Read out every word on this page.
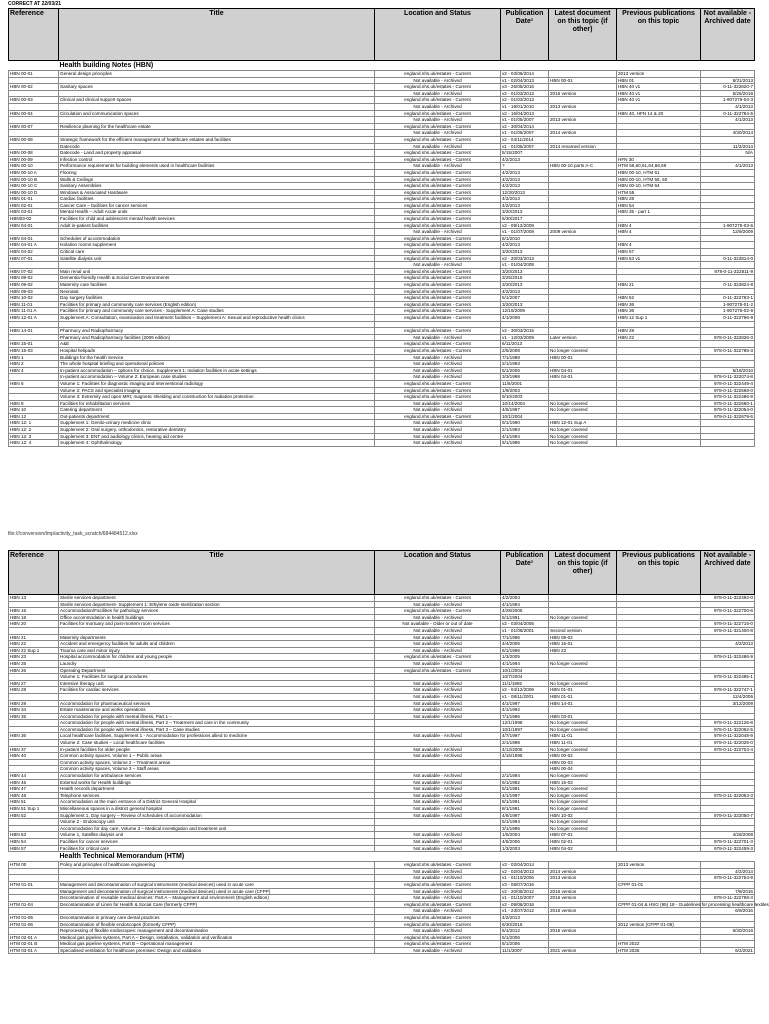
CORRECT AT 22/03/21
Reference	Title	Location and Status	Publication Date¹	Latest document on this topic (if other)	Previous publications on this topic	Not available - Archived date
	Health building Notes (HBN)					
HBN 00-01	General design principles	england.nhs.uk/estates - Current	v2 - 03/06/2014		2013 version	
		Not available - Archived	v1 - 02/04/2013	HBN 00-01	HBN 01	8/31/2013
HBN 00-02	Sanitary spaces	england.nhs.uk/estates - Current	v3 - 25/05/2016		HBN 40 v1	0-11-322820-7
		Not available - Archived	v2 - 01/03/2013	2016 version	HBN 40 v1	5/25/2016
HBN 00-03	Clinical and clinical support spaces	england.nhs.uk/estates - Current	v2 - 01/03/2013		HBN 40 v1	1-907275-04-3
		Not available - Archived	v1 - 19/01/2010	2013 version		4/1/2013
HBN 00-04	Circulation and communication spaces	england.nhs.uk/estates - Current	v2 - 16/04/2013		HBN 40, HFN 14 & 20	0-11-322784-5
		Not available - Archived	v1 - 01/05/2007	2013 version		4/1/2013
HBN 00-07	Resilience planning for the healthcare estate	england.nhs.uk/estates - Current	v2 - 30/04/2014			
		Not available - Archived	v1 - 01/05/2007	2014 version		4/30/2014
HBN 00-08	Strategic framework for the efficient management of healthcare estates and facilities	england.nhs.uk/estates - Current	v2 - 04/11/2014			
	Datecode	Not available - Archived	v1 - 01/05/2007	2014 renamed version		11/3/2014
HBN 00-08	Datecode - Land and property appraisal	england.nhs.uk/estates - Current	5/15/2007			N/A
HBN 00-09	Infection control	england.nhs.uk/estates - Current	4/2/2013		HFN 30	
HBN 00-10	Performance requirements for building elements used in healthcare facilities	Not available - Archived	?	HBN 00-10 parts A-C	HTM 56,60,61,64,66,69	4/1/2013
HBN 00-10 A	Flooring	england.nhs.uk/estates - Current	4/2/2013		HBN 00-10, HTM 61	
HBN 00-10 B	Walls & Ceilings	england.nhs.uk/estates - Current	4/2/2013		HBN 00-10, HTM 56, 60	
HBN 00-10 C	Sanitary Assemblies	england.nhs.uk/estates - Current	4/2/2013		HBN 00-10, HTM 64	
HBN 00-10 D	Windows & Associated Hardware	england.nhs.uk/estates - Current	12/30/2013		HTM 55	
HBN 01-01	Cardiac facilities	england.nhs.uk/estates - Current	4/2/2013		HBN 28	
HBN 02-01	Cancer Care – facilities for cancer services	england.nhs.uk/estates - Current	4/2/2013		HBN 54	
HBN 03-01	Mental Health – Adult Acute units	england.nhs.uk/estates - Current	3/20/2013		HBN 35 - part 1	
HBN03-02	Facilities for child and adolescent mental health services	england.nhs.uk/estates - Current	6/30/2017			
HBN 04-01	Adult in-patient facilities	england.nhs.uk/estates - Current	v2 - 09/12/2009		HBN 4	1-907275-03-6
		Not available - Archived	v1 - 01/07/2008	2009 version	HBN 4	12/9/2009
HBN 04-01	Schedules of accommodation	england.nhs.uk/estates - Current	6/1/2010			
HBN 04-01 A	Isolation rooms supplement	england.nhs.uk/estates - Current	4/2/2013		HBN 4	
HBN 04-02	Critical care	england.nhs.uk/estates - Current	3/20/2013		HBN 57	
HBN 07-01	Satellite dialysis unit	england.nhs.uk/estates - Current	v2 - 20/03/2013		HBN 53 v1	0-11-322814-0
		Not available - Archived	v1 - 01/04/2008			
HBN 07-02	Main renal unit	england.nhs.uk/estates - Current	3/20/2013			978-0-11-322811-9
HBN 08-02	Dementia-friendly Health & Social Care Environments	england.nhs.uk/estates - Current	3/25/2015			
HBN 09-02	Maternity care facilities	england.nhs.uk/estates - Current	3/20/2013		HBN 21	0-11-322824-8
HBN 09-03	Neonatal	england.nhs.uk/estates - Current	4/2/2013			
HBN 10-02	Day surgery facilities	england.nhs.uk/estates - Current	5/1/2007		HBN 52	0-11-322763-1
HBN 11-01	Facilities for primary and community care services (English edition)	england.nhs.uk/estates - Current	3/20/2013		HBN 36	1-907275-01-2
HBN 11-01 A	Facilities for primary and community care services - Supplement A: Case studies	england.nhs.uk/estates - Current	12/16/2009		HBN 36	1-907275-02-9
HBN 12-01 A	Supplement A: Consultation, examination and treatment facilities – Supplement A: Sexual and reproductive health clinics	england.nhs.uk/estates - Current	4/1/2008		HBN 12 Sup 1	0-11-322796-9

HBN 14-01	Pharmacy and Radiopharmacy	england.nhs.uk/estates - Current	v2 - 30/03/2015		HBN 29	
	Pharmacy and Radiopharmacy facilities (2009 edition)	Not available - Archived	v1 - 12/03/2009	Later version	HBN 22	978-0-11-322826-3
HBN 15-01	A&E	england.nhs.uk/estates - Current	6/11/2013			
HBN 15-03	Hospital helipads	england.nhs.uk/estates - Current	2/5/2008	No longer covered		978-0-11-322785-3
HBN 1	Buildings for the health Service	Not available - Archived	7/1/1988	HBN 00-01		
HBN 2	The whole hospital briefing and operational policies	Not available - Archived	2/1/1993			
HBN 4	In-patient accommodation – options for choice. Supplement 1: Isolation facilities in acute settings	Not available - Archived	5/1/2005	HBN 04-01		5/18/2010
	In-patient accommodation – Volume 2: European case studies	Not available - Archived	3/3/1998	HBN 04-01		978-0-11-322074-8
HBN 6	Volume 1: Facilities for diagnostic imaging and interventional radiology	england.nhs.uk/estates - Current	11/8/2001			978-0-11-322449-4
	Volume 2: PACS and specialist imaging	england.nhs.uk/estates - Current	1/9/2003			978-0-11-322568-0
	Volume 3: Extremity and open MRI; magnetic shielding and construction for radiation protection	england.nhs.uk/estates - Current	9/10/2003			978-0-11-322486-9
HBN 8	Facilities for rehabilitation services	Not available - Archived	10/14/2004	No longer covered		978-0-11-322680-1
HBN 10	Catering department	Not available - Archived	4/6/1997	No longer covered		978-0-11-322054-0
HBN 12	Out-patients department	england.nhs.uk/estates - Current	10/1/2004			978-0-11-322679-6
HBN 12: 1	Supplement 1: Genito-urinary medicine clinic	Not available - Archived	9/1/1990	HBN 12-01 Sup A		
HBN 12: 2	Supplement 2: Oral surgery, orthodontics, restorative dentistry	Not available - Archived	2/1/1993	No longer covered		
HBN 12: 3	Supplement 3: ENT and audiology clinics, hearing aid centre	Not available - Archived	4/1/1994	No longer covered		
HBN 12: 4	Supplement 4: Ophthalmology	Not available - Archived	5/1/1996	No longer covered		
file:///conversion/tmp/activity_task_scratch/684484512.xlsx
Reference	Title	Location and Status	Publication Date¹	Latest document on this topic (if other)	Previous publications on this topic	Not available - Archived date
HBN 13	Sterile services department	england.nhs.uk/estates - Current	4/2/2004			978-0-11-322492-0
	Sterile services department- Supplement 1: Ethylene oxide sterilization section	Not available - Archived	4/1/1994			
HBN 15	Accommodation/Facilities for pathology services	england.nhs.uk/estates - Current	4/28/2005			978-0-11-322700-6
HBN 18	Office accommodation in health buildings	Not available - Archived	5/1/1991	No longer covered		
HBN 20	Facilities for mortuary and post-mortem room services	Not available - Older or out of date	v2 - 03/04/2005			978-0-11-322715-0
		Not available - Archived	v1 - 01/08/2001	Second version		978-0-11-321400-8
HBN 21	Maternity departments	Not available - Archived	7/1/1996	HBN 09-02		
HBN 22	Accident and emergency facilities for adults and children	Not available - Archived	4/4/2005	HBN 15-01		4/2/2013
HBN 22 Sup 1	Trauma care and minor injury	Not available - Archived	6/1/1996	HBN 22		
HBN 23	Hospital accommodation for children and young people	england.nhs.uk/estates - Current	1/3/2005			978-0-11-322486-9
HBN 25	Laundry	Not available - Archived	4/1/1994	No longer covered		
HBN 26	Operating Department	england.nhs.uk/estates - Current	10/1/2004			
	Volume 1: Facilities for surgical procedures		10/7/2004			978-0-11-322495-1
HBN 27	Intensive therapy unit	Not available - Archived	11/1/1992	No longer covered		
HBN 28	Facilities for cardiac services	Not available - Archived	v2 - 04/12/2006	HBN 01-01		978-0-11-322747-1
		Not available - Archived	v1 - 08/11/2001	HBN 01-01		12/4/2006
HBN 29	Accommodation for pharmaceutical services	Not available - Archived	4/1/1997	HBN 14-01		3/12/2009
HBN 34	Estate maintenance and works operations	Not available - Archived	4/1/1992			
HBN 35	Accommodation for people with mental illness, Part 1 –	Not available - Archived	7/1/1996	HBN 03-01		
	Accommodation for people with mental illness, Part 2 – Treatment and care in the community		12/1/1998	No longer covered		978-0-11-322126-8
	Accommodation for people with mental illness, Part 3 – Case studies		10/1/1997	No longer covered		978-0-11-322062-5
HBN 36	Local healthcare facilities, Supplement 1 - Accommodation for professions allied to medicine	Not available - Archived	4/7/1997	HBN 11-01		978-0-11-322048-9
	Volume 2: Case studies – Local healthcare facilities		2/1/1998	HBN 11-01		978-0-11-322025-0
HBN 37	In-patient facilities for older people	Not available - Archived	4/12/2005	No longer covered		978-0-11-322704-4
HBN 40	Common activity spaces, Volume 1 – Public areas	Not available - Archived	4/15/1995	HBN 00-02		
	Common activity spaces, Volume 2 – Treatment areas			HBN 00-03		
	Common activity spaces, Volume 3 – Staff areas			HBN 00-04		
HBN 44	Accommodation for ambulance services	Not available - Archived	2/1/1994	No longer covered		
HBN 45	External works for Health buildings	Not available - Archived	6/1/1992	HBN 15-03		
HBN 47	Health records department	Not available - Archived	5/1/1991	No longer covered		
HBN 48	Telephone services	Not available - Archived	4/1/1997	No longer covered		978-0-11-322053-3
HBN 51	Accommodation at the main entrance of a District General Hospital	Not available - Archived	8/1/1991	No longer covered		
HBN 51 Sup 1	Miscellaneous spaces in a district general hospital	Not available - Archived	8/1/1991	No longer covered		
HBN 52	Supplement 1, Day surgery – Review of schedules of accommodation	Not available - Archived	4/8/1997	HBN 10-02		978-0-11-322050-7
	Volume 2 - Endoscopy unit		5/1/1994	No longer covered		
	Accommodation for day care, Volume 3 – Medical investigation and treatment unit		3/1/1995	No longer covered		
HBN 53	Volume 1, Satellite dialysis unit	Not available - Archived	1/5/2004	HBN 07-01		4/28/2008
HBN 54	Facilities for cancer services	Not available - Archived	4/5/2006	HBN 02-01		978-0-11-322701-3
HBN 57	Facilities for critical care	Not available - Archived	1/3/2003	HBN 04-02		978-0-11-322459-3
	Health Technical Memorandum (HTM)					
HTM 00	Policy and principles of healthcare engineering	england.nhs.uk/estates - Current	v3 - 02/04/2014		2013 version	
		Not available - Archived	v2 - 02/04/2013	2014 version		4/2/2014
		Not available - Archived	v1 - 01/10/2006	2013 version		978-0-11-322754-9
HTM 01-01	Management and decontamination of surgical instruments (medical devices) used in acute care	england.nhs.uk/estates - Current	v3 - 08/07/2016		CFPP 01-01	
	Management and decontamination of surgical instruments (medical devices) used in acute care (CFPP)	Not available - Archived	v2 - 20/05/2012	2016 version		7/8/2016
	Decontamination of reusable medical devices: Part A – Management and environment (English edition)	Not available - Archived	v1 - 01/10/2007	2016 version		978-0-11-322798-3
HTM 01-04	Decontamination of Linen for Health & Social Care (formerly CFPP)	england.nhs.uk/estates - Current	v2 - 09/06/2016		CFPP 01-04 & HSG (95) 18 - Guidelines for processing healthcare textiles	
		Not available - Archived	v1 - 23/07/2012	2016 version		6/9/2016
HTM 01-05	Decontamination in primary care dental practices	england.nhs.uk/estates - Current	4/2/2013			
HTM 01-06	Decontamination of flexible endoscopes (formerly CFPP)	england.nhs.uk/estates - Current	6/30/2016		2012 version (CFPP 01-06)	
	Reprocessing of flexible endoscopes: management and decontamination	Not available - Archived	6/1/2012	2016 version		6/30/2016
HTM 02-01 A	Medical gas pipeline systems, Part A – Design, installation, validation and verification	england.nhs.uk/estates - Current	5/1/2006			
HTM 02-01 B	Medical gas pipeline systems, Part B – Operational management	england.nhs.uk/estates - Current	5/1/2006		HTM 2022	
HTM 03-01 A	Specialised ventilation for healthcare premises: Design and validation	Not available - Archived	11/1/2007	2021 version	HTM 2025	6/2/2021
